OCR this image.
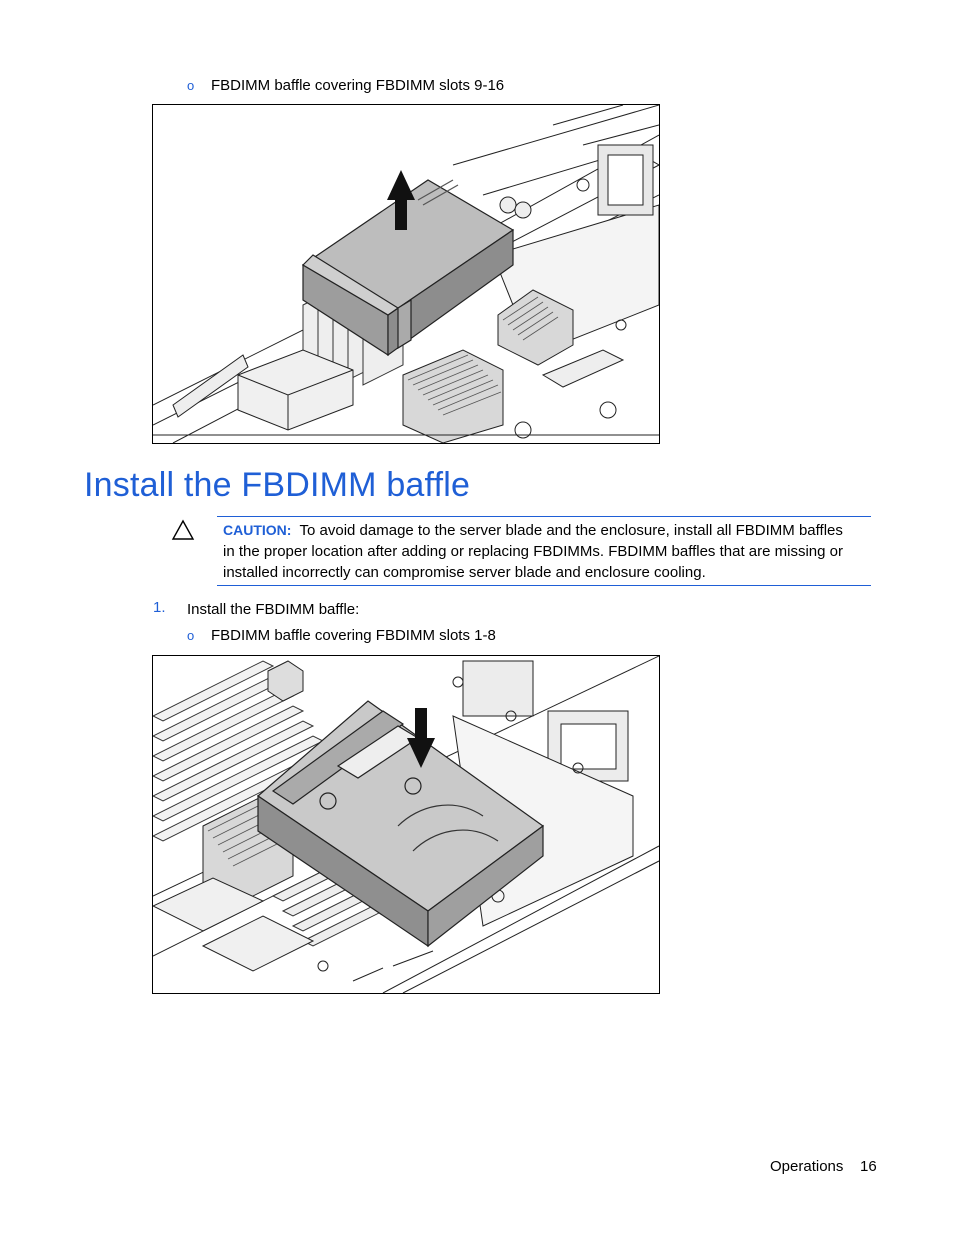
o FBDIMM baffle covering FBDIMM slots 9-16
Install the FBDIMM baffle
CAUTION: To avoid damage to the server blade and the enclosure, install all FBDIMM baffles
in the proper location after adding or replacing FBDIMMs. FBDIMM baffles that are missing or
installed incorrectly can compromise server blade and enclosure cooling.
1. Install the FBDIMM baffle:
o FBDIMM baffle covering FBDIMM slots 1-8
Operations 16
